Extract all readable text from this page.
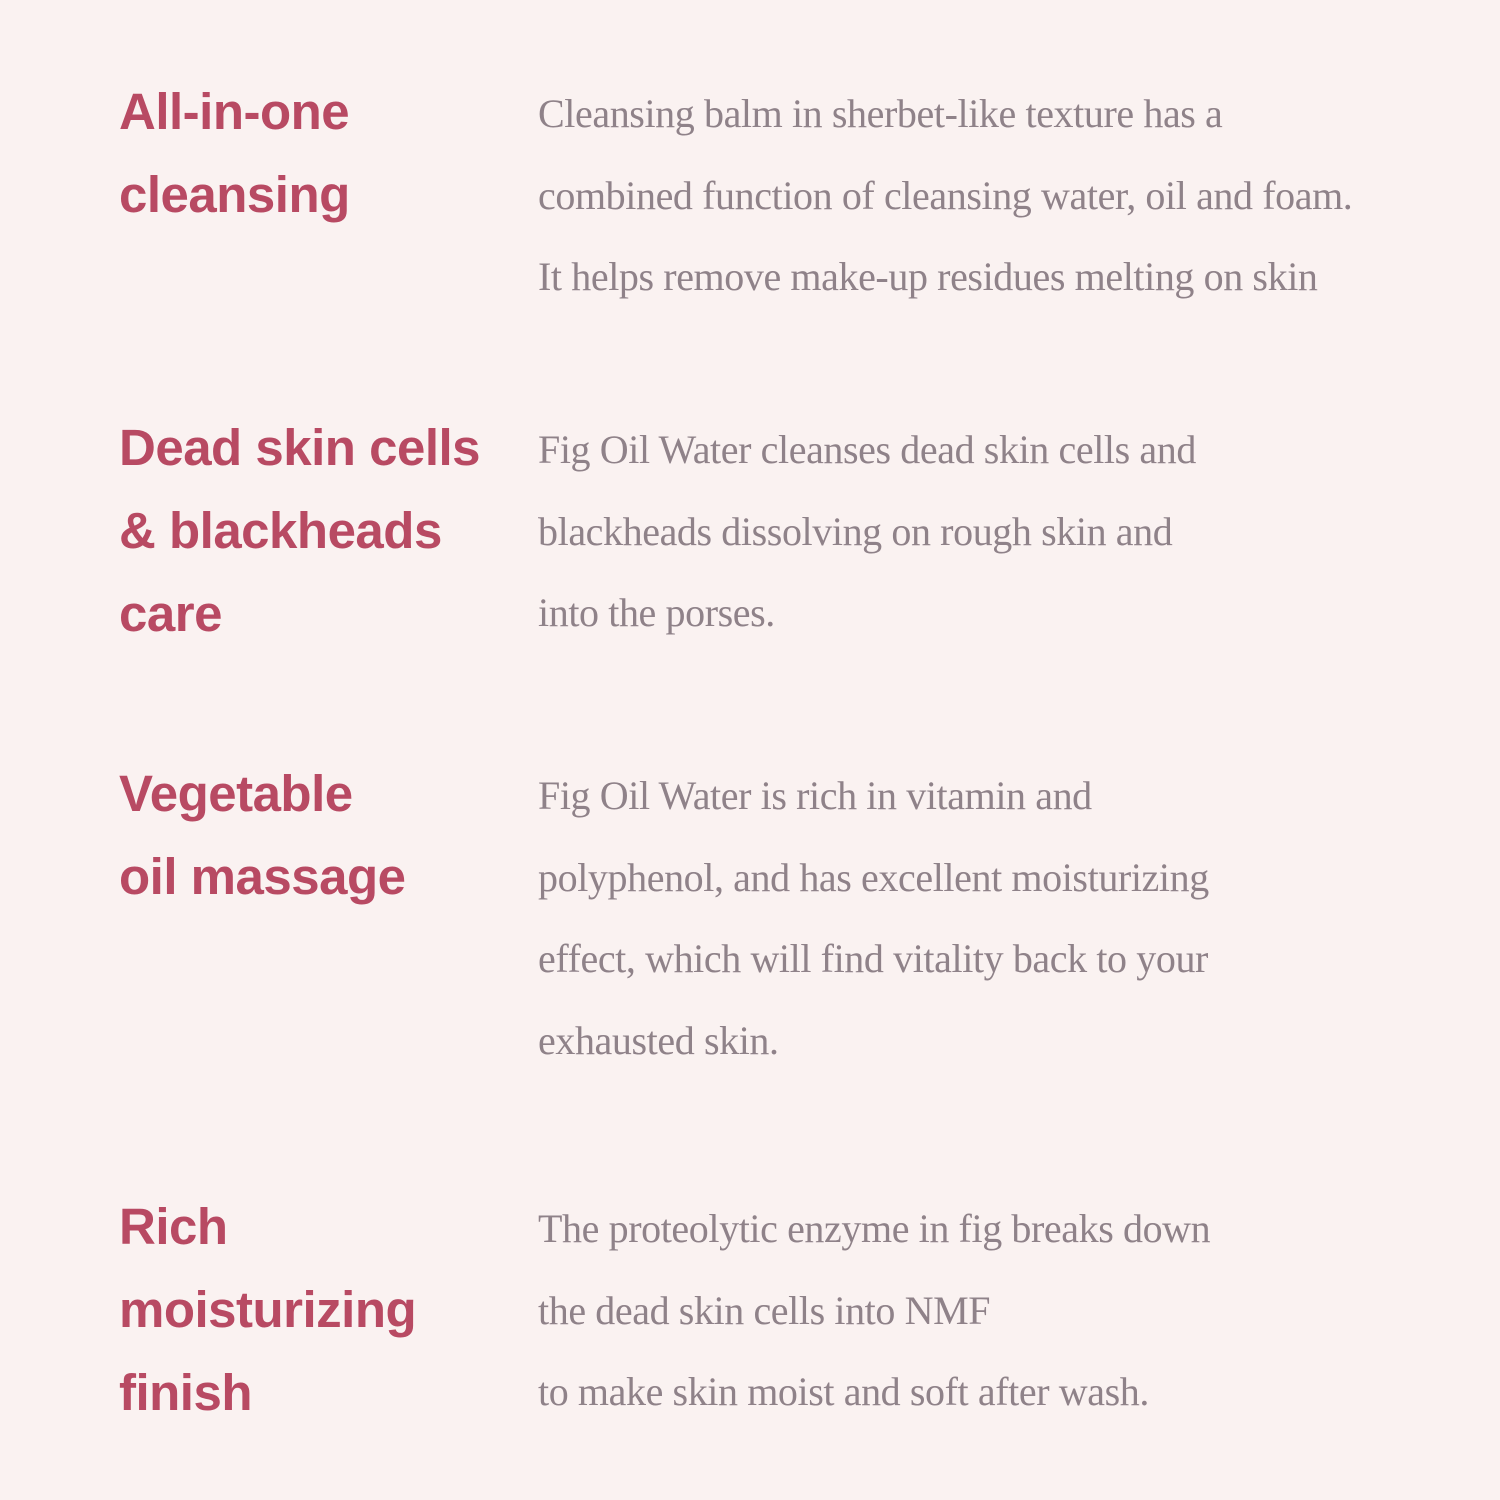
All-in-one
cleansing

Cleansing balm in sherbet-like texture has a
combined function of cleansing water, oil and foam.
It helps remove make-up residues melting on skin

Dead skin cells
& blackheads
care

Fig Oil Water cleanses dead skin cells and
blackheads dissolving on rough skin and
into the porses.

Vegetable
oil massage

Fig Oil Water is rich in vitamin and
polyphenol, and has excellent moisturizing
effect, which will find vitality back to your
exhausted skin.

Rich
moisturizing
finish

The proteolytic enzyme in fig breaks down
the dead skin cells into NMF
to make skin moist and soft after wash.
